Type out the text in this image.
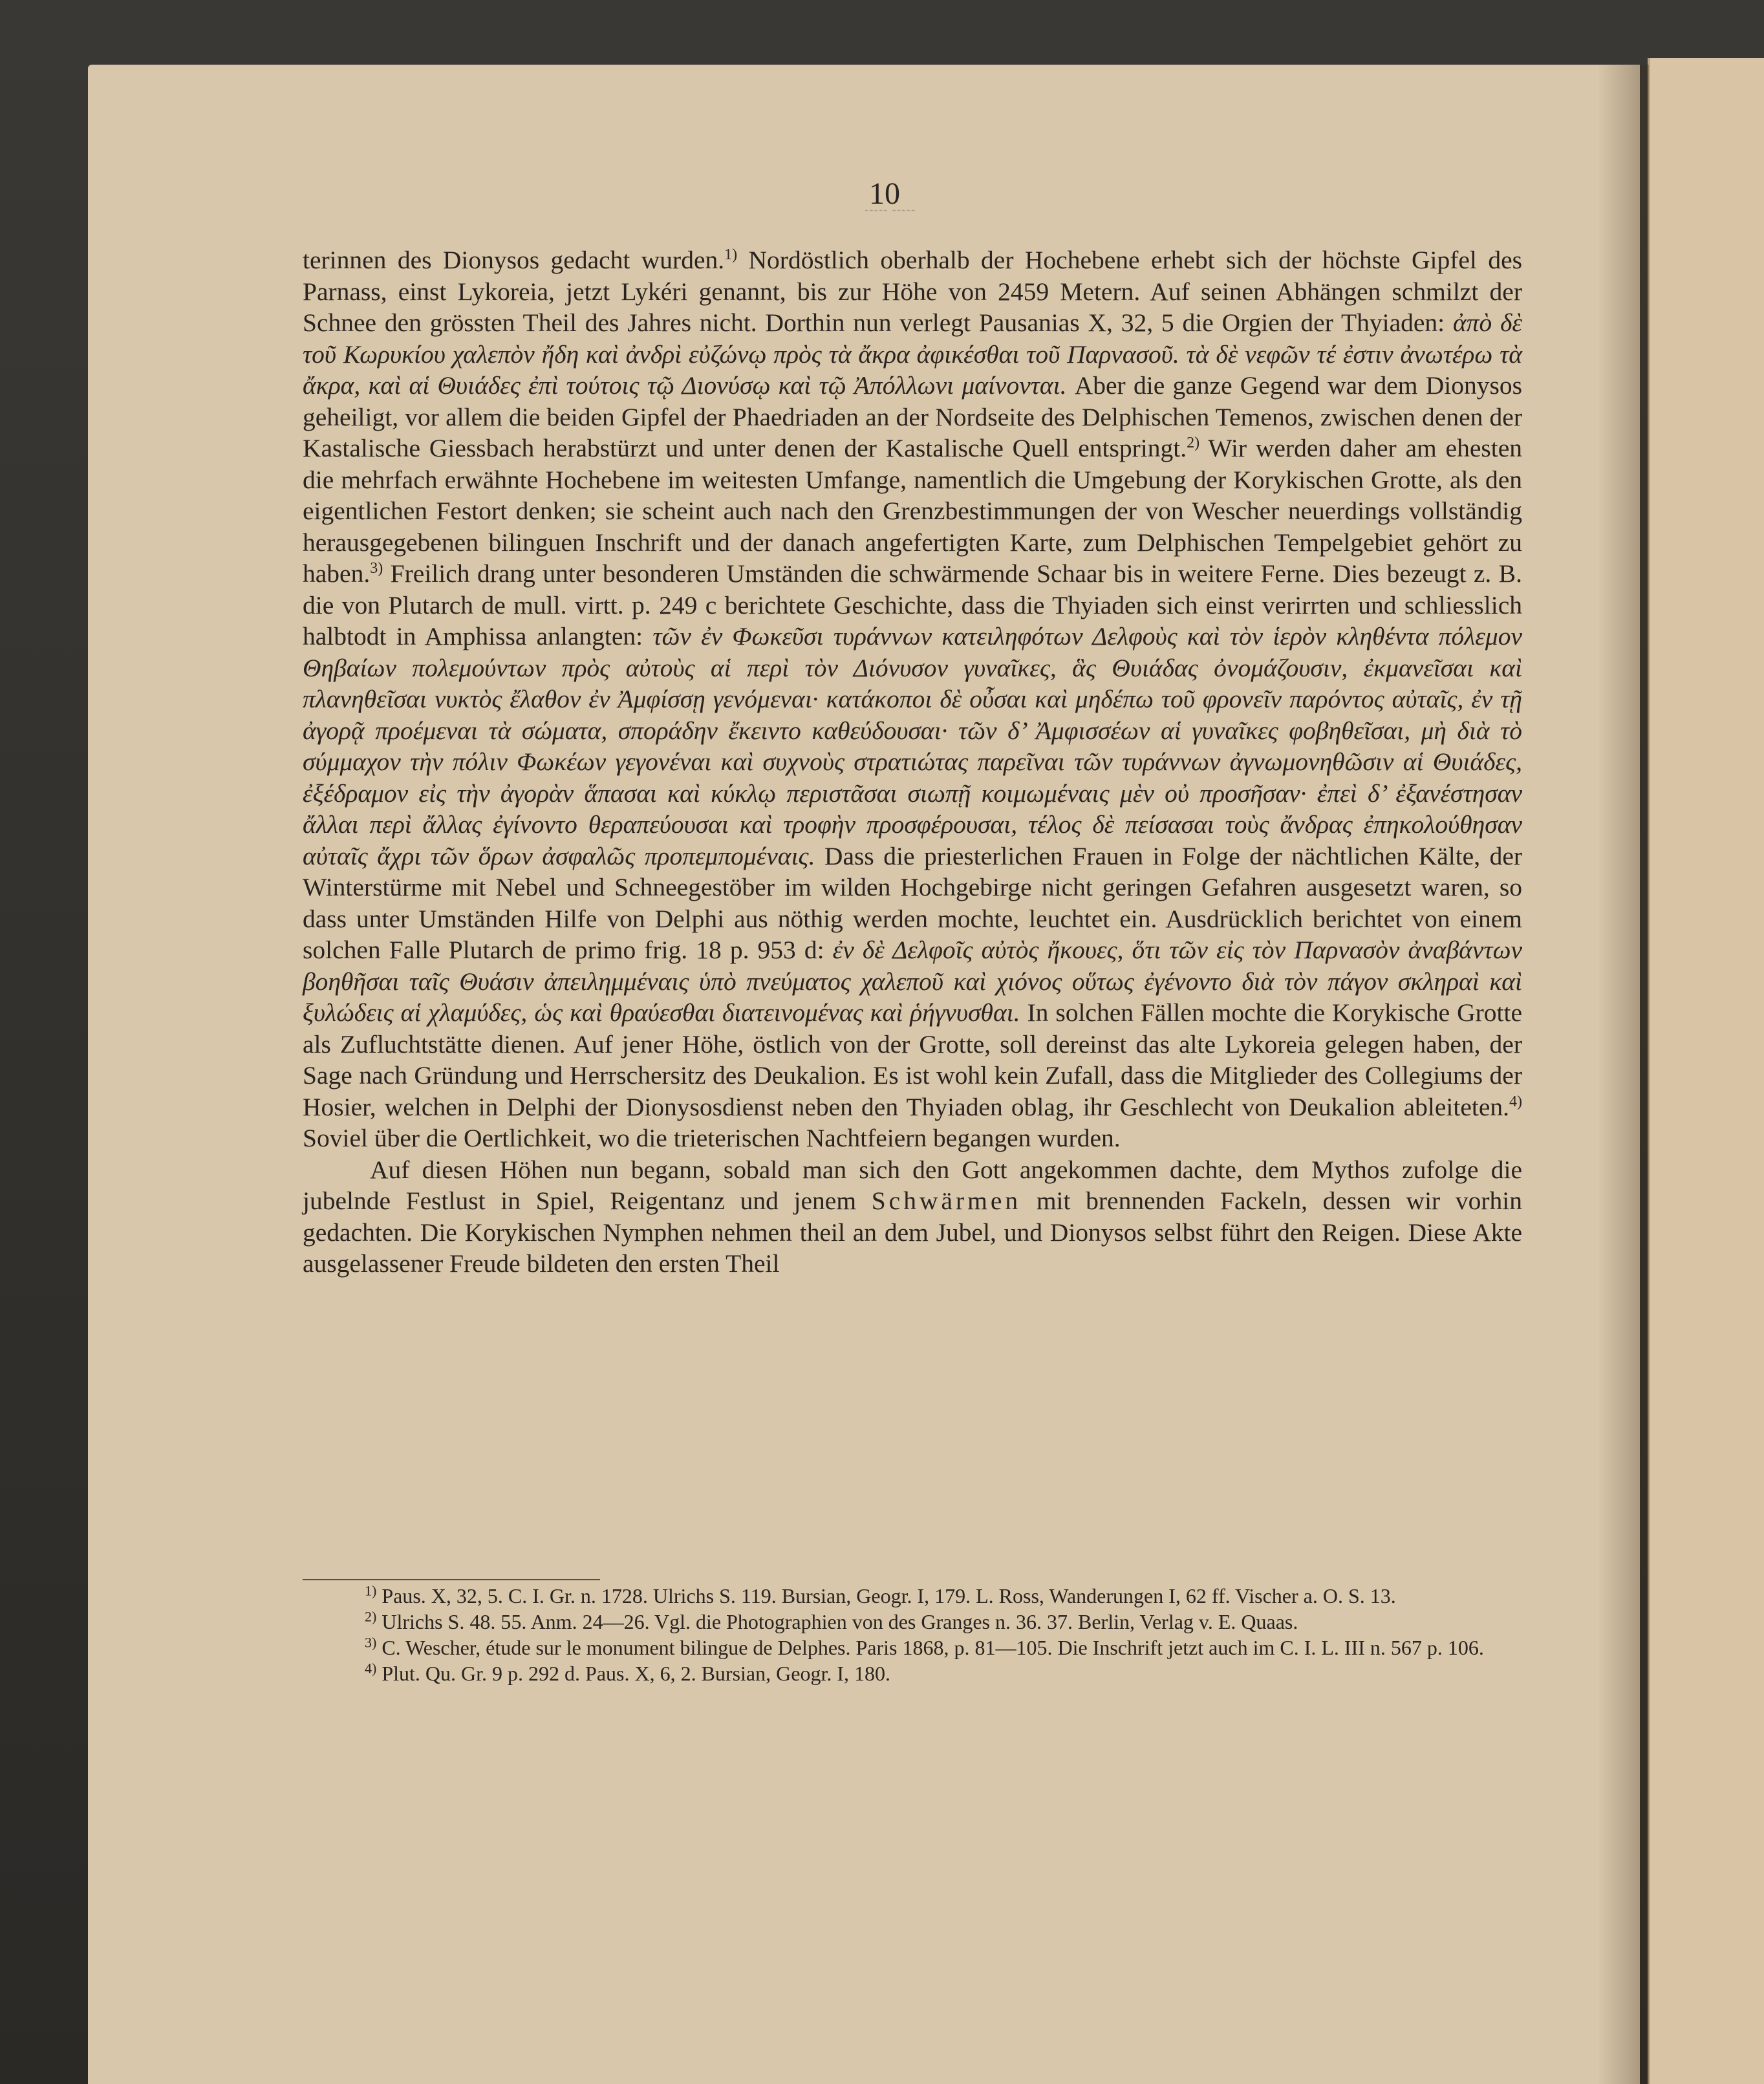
10
˜˜˜˜˜ ˜˜˜˜˜

terinnen des Dionysos gedacht wurden.$^{1)}$ Nordöstlich oberhalb der Hochebene erhebt sich der höchste Gipfel des Parnass, einst Lykoreia, jetzt Lykéri genannt, bis zur Höhe von 2459 Metern. Auf seinen Abhängen schmilzt der Schnee den grössten Theil des Jahres nicht. Dorthin nun verlegt Pausanias X, 32, 5 die Orgien der Thyiaden: ἀπὸ δὲ τοῦ Κωρυκίου χαλεπὸν ἤδη καὶ ἀνδρὶ εὐζώνῳ πρὸς τὰ ἄκρα ἀφικέσθαι τοῦ Παρνασοῦ. τὰ δὲ νεφῶν τέ ἐστιν ἀνωτέρω τὰ ἄκρα, καὶ αἱ Θυιάδες ἐπὶ τούτοις τῷ Διονύσῳ καὶ τῷ Ἀπόλλωνι μαίνονται. Aber die ganze Gegend war dem Dionysos geheiligt, vor allem die beiden Gipfel der Phaedriaden an der Nordseite des Delphischen Temenos, zwischen denen der Kastalische Giessbach herabstürzt und unter denen der Kastalische Quell entspringt.$^{2)}$ Wir werden daher am ehesten die mehrfach erwähnte Hochebene im weitesten Umfange, namentlich die Umgebung der Korykischen Grotte, als den eigentlichen Festort denken; sie scheint auch nach den Grenzbestimmungen der von Wescher neuerdings vollständig herausgegebenen bilinguen Inschrift und der danach angefertigten Karte, zum Delphischen Tempelgebiet gehört zu haben.$^{3)}$ Freilich drang unter besonderen Umständen die schwärmende Schaar bis in weitere Ferne. Dies bezeugt z. B. die von Plutarch de mull. virtt. p. 249 c berichtete Geschichte, dass die Thyiaden sich einst verirrten und schliesslich halbtodt in Amphissa anlangten: τῶν ἐν Φωκεῦσι τυράννων κατειληφότων Δελφοὺς καὶ τὸν ἱερὸν κληθέντα πόλεμον Θηβαίων πολεμούντων πρὸς αὐτοὺς αἱ περὶ τὸν Διόνυσον γυναῖκες, ἃς Θυιάδας ὀνομάζουσιν, ἐκμανεῖσαι καὶ πλανηθεῖσαι νυκτὸς ἔλαθον ἐν Ἀμφίσσῃ γενόμεναι· κατάκοποι δὲ οὖσαι καὶ μηδέπω τοῦ φρονεῖν παρόντος αὐταῖς, ἐν τῇ ἀγορᾷ προέμεναι τὰ σώματα, σποράδην ἔκειντο καθεύδουσαι· τῶν δ’ Ἀμφισσέων αἱ γυναῖκες φοβηθεῖσαι, μὴ διὰ τὸ σύμμαχον τὴν πόλιν Φωκέων γεγονέναι καὶ συχνοὺς στρατιώτας παρεῖναι τῶν τυράννων ἀγνωμονηθῶσιν αἱ Θυιάδες, ἐξέδραμον εἰς τὴν ἀγορὰν ἅπασαι καὶ κύκλῳ περιστᾶσαι σιωπῇ κοιμωμέναις μὲν οὐ προσῆσαν· ἐπεὶ δ’ ἐξανέστησαν ἄλλαι περὶ ἄλλας ἐγίνοντο θεραπεύουσαι καὶ τροφὴν προσφέρουσαι, τέλος δὲ πείσασαι τοὺς ἄνδρας ἐπηκολούθησαν αὐταῖς ἄχρι τῶν ὅρων ἀσφαλῶς προπεμπομέναις. Dass die priesterlichen Frauen in Folge der nächtlichen Kälte, der Winterstürme mit Nebel und Schneegestöber im wilden Hochgebirge nicht geringen Gefahren ausgesetzt waren, so dass unter Umständen Hilfe von Delphi aus nöthig werden mochte, leuchtet ein. Ausdrücklich berichtet von einem solchen Falle Plutarch de primo frig. 18 p. 953 d: ἐν δὲ Δελφοῖς αὐτὸς ἤκουες, ὅτι τῶν εἰς τὸν Παρνασὸν ἀναβάντων βοηθῆσαι ταῖς Θυάσιν ἀπειλημμέναις ὑπὸ πνεύματος χαλεποῦ καὶ χιόνος οὕτως ἐγένοντο διὰ τὸν πάγον σκληραὶ καὶ ξυλώδεις αἱ χλαμύδες, ὡς καὶ θραύεσθαι διατεινομένας καὶ ῥήγνυσθαι. In solchen Fällen mochte die Korykische Grotte als Zufluchtstätte dienen. Auf jener Höhe, östlich von der Grotte, soll dereinst das alte Lykoreia gelegen haben, der Sage nach Gründung und Herrschersitz des Deukalion. Es ist wohl kein Zufall, dass die Mitglieder des Collegiums der Hosier, welchen in Delphi der Dionysosdienst neben den Thyiaden oblag, ihr Geschlecht von Deukalion ableiteten.$^{4)}$ Soviel über die Oertlichkeit, wo die trieterischen Nachtfeiern begangen wurden.

Auf diesen Höhen nun begann, sobald man sich den Gott angekommen dachte, dem Mythos zufolge die jubelnde Festlust in Spiel, Reigentanz und jenem Schwärmen mit brennenden Fackeln, dessen wir vorhin gedachten. Die Korykischen Nymphen nehmen theil an dem Jubel, und Dionysos selbst führt den Reigen. Diese Akte ausgelassener Freude bildeten den ersten Theil

$^{1)}$ Paus. X, 32, 5. C. I. Gr. n. 1728. Ulrichs S. 119. Bursian, Geogr. I, 179. L. Ross, Wanderungen I, 62 ff. Vischer a. O. S. 13.

$^{2)}$ Ulrichs S. 48. 55. Anm. 24—26. Vgl. die Photographien von des Granges n. 36. 37. Berlin, Verlag v. E. Quaas.

$^{3)}$ C. Wescher, étude sur le monument bilingue de Delphes. Paris 1868, p. 81—105. Die Inschrift jetzt auch im C. I. L. III n. 567 p. 106.

$^{4)}$ Plut. Qu. Gr. 9 p. 292 d. Paus. X, 6, 2. Bursian, Geogr. I, 180.
